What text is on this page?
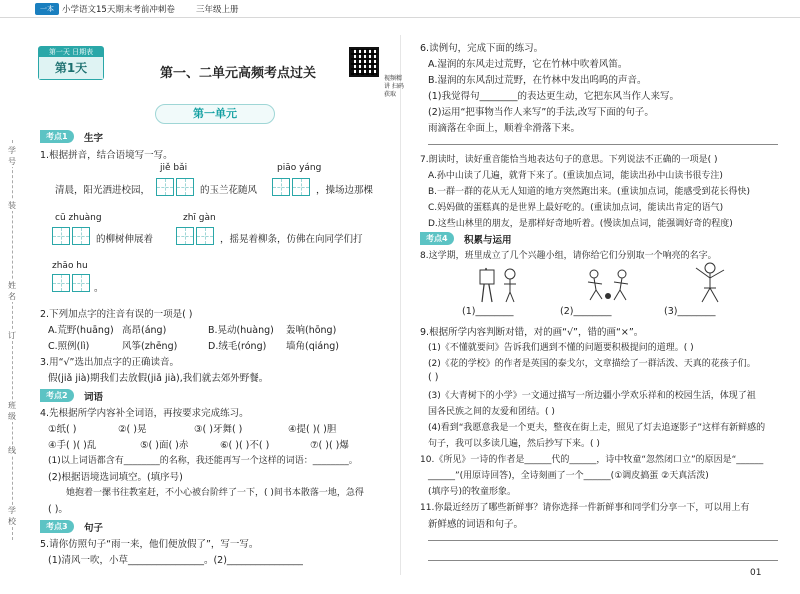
一本 小学语文15天期末考前冲刺卷 三年级上册
学号
装
姓名
订
班级
线
学校
第一天 日期表
第1天	第一、二单元高频考点过关	视频精讲 扫码获取
第一单元
考点1	生字
1.根据拼音，结合语境写一写。
jiě bǎi	piāo yáng
清晨，阳光洒进校园，	的玉兰花随风	，操场边那棵
cū zhuàng	zhī gàn
的柳树伸展着	，摇晃着柳条，仿佛在向同学们打
zhāo hu
。
2.下列加点字的注音有误的一项是( )
A.荒野(huāng) 高昂(áng)	B.晃动(huàng) 轰响(hōng)
C.照例(lì)	风筝(zhēng)	D.绒毛(róng) 墙角(qiáng)
3.用“√”选出加点字的正确读音。
假(jiǎ jià)期我们去放假(jiǎ jià),我们就去郊外野餐。
考点2	词语
4.先根据所学内容补全词语，再按要求完成练习。
①纸( )	②( )晃	③( )牙舞( )	④提( )( )胆
④手( )( )乱	⑤( )面( )赤	⑥( )( )不( )	⑦( )( )爆
(1)以上词语都含有________的名称，我还能再写一个这样的词语：________。
(2)根据语境选词填空。(填序号)
她抱着一摞书往教室赶，不小心被台阶绊了一下，( )间书本散落一地，急得
( )。
考点3	句子
5.请你仿照句子“雨一来，他们便放假了”，写一写。
(1)清风一吹，小草________________。(2)________________
6.读例句，完成下面的练习。
A.湿润的东风走过荒野，它在竹林中吹着风笛。
B.湿润的东风刮过荒野，在竹林中发出呜呜的声音。
(1)我觉得句________的表达更生动，它把东风当作人来写。
(2)运用“把事物当作人来写”的手法,改写下面的句子。
雨滴落在伞面上，顺着伞滑落下来。
7.朗读时，读好重音能恰当地表达句子的意思。下列说法不正确的一项是( )
A.孙中山读了几遍，就背下来了。(重读加点词，能读出孙中山读书很专注)
B.一群一群的花从无人知道的地方突然跑出来。(重读加点词，能感受到花长得快)
C.妈妈做的蛋糕真的是世界上最好吃的。(重读加点词，能读出肯定的语气)
D.这些山林里的朋友，是那样好奇地听着。(慢读加点词，能强调好奇的程度)
考点4	积累与运用
8.这学期，班里成立了几个兴趣小组，请你给它们分别取一个响亮的名字。
(1)________	(2)________	(3)________
9.根据所学内容判断对错，对的画“√”，错的画“×”。
(1)《不懂就要问》告诉我们遇到不懂的问题要积极提问的道理。( )
(2)《花的学校》的作者是英国的泰戈尔，文章描绘了一群活泼、天真的花孩子们。
( )
(3)《大青树下的小学》一文通过描写一所边疆小学欢乐祥和的校园生活，体现了祖
国各民族之间的友爱和团结。( )
(4)看到“我愿意我是一个更夫，整夜在街上走，照见了灯去追逐影子”这样有新鲜感的
句子，我可以多读几遍，然后抄写下来。( )
10.《所见》一诗的作者是______代的______，诗中牧童“忽然闭口立”的原因是“______
______”(用原诗回答)，全诗刻画了一个______(①调皮搞蛋 ②天真活泼)
(填序号)的牧童形象。
11.你最近经历了哪些新鲜事？请你选择一件新鲜事和同学们分享一下，可以用上有
新鲜感的词语和句子。
01
